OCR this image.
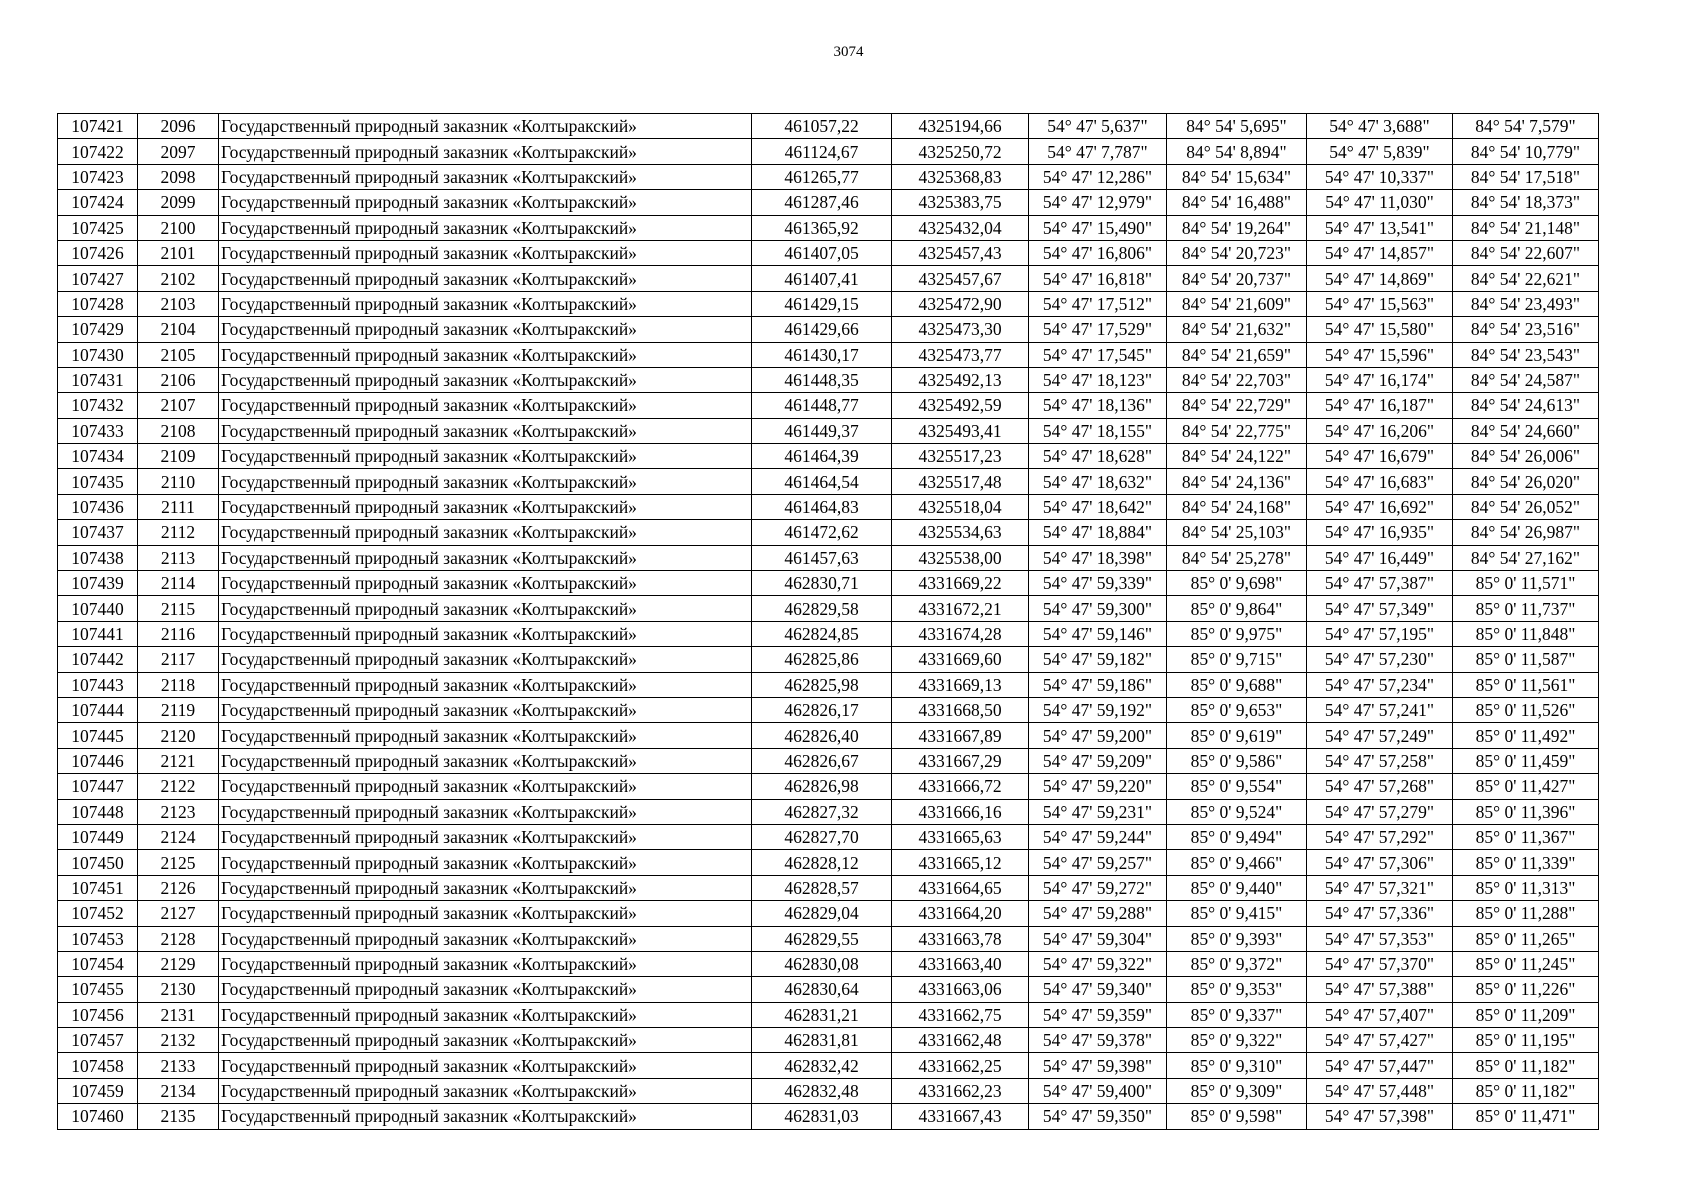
3074
107421	2096	Государственный природный заказник «Колтыракский»	461057,22	4325194,66	54° 47' 5,637"	84° 54' 5,695"	54° 47' 3,688"	84° 54' 7,579"
107422	2097	Государственный природный заказник «Колтыракский»	461124,67	4325250,72	54° 47' 7,787"	84° 54' 8,894"	54° 47' 5,839"	84° 54' 10,779"
107423	2098	Государственный природный заказник «Колтыракский»	461265,77	4325368,83	54° 47' 12,286"	84° 54' 15,634"	54° 47' 10,337"	84° 54' 17,518"
107424	2099	Государственный природный заказник «Колтыракский»	461287,46	4325383,75	54° 47' 12,979"	84° 54' 16,488"	54° 47' 11,030"	84° 54' 18,373"
107425	2100	Государственный природный заказник «Колтыракский»	461365,92	4325432,04	54° 47' 15,490"	84° 54' 19,264"	54° 47' 13,541"	84° 54' 21,148"
107426	2101	Государственный природный заказник «Колтыракский»	461407,05	4325457,43	54° 47' 16,806"	84° 54' 20,723"	54° 47' 14,857"	84° 54' 22,607"
107427	2102	Государственный природный заказник «Колтыракский»	461407,41	4325457,67	54° 47' 16,818"	84° 54' 20,737"	54° 47' 14,869"	84° 54' 22,621"
107428	2103	Государственный природный заказник «Колтыракский»	461429,15	4325472,90	54° 47' 17,512"	84° 54' 21,609"	54° 47' 15,563"	84° 54' 23,493"
107429	2104	Государственный природный заказник «Колтыракский»	461429,66	4325473,30	54° 47' 17,529"	84° 54' 21,632"	54° 47' 15,580"	84° 54' 23,516"
107430	2105	Государственный природный заказник «Колтыракский»	461430,17	4325473,77	54° 47' 17,545"	84° 54' 21,659"	54° 47' 15,596"	84° 54' 23,543"
107431	2106	Государственный природный заказник «Колтыракский»	461448,35	4325492,13	54° 47' 18,123"	84° 54' 22,703"	54° 47' 16,174"	84° 54' 24,587"
107432	2107	Государственный природный заказник «Колтыракский»	461448,77	4325492,59	54° 47' 18,136"	84° 54' 22,729"	54° 47' 16,187"	84° 54' 24,613"
107433	2108	Государственный природный заказник «Колтыракский»	461449,37	4325493,41	54° 47' 18,155"	84° 54' 22,775"	54° 47' 16,206"	84° 54' 24,660"
107434	2109	Государственный природный заказник «Колтыракский»	461464,39	4325517,23	54° 47' 18,628"	84° 54' 24,122"	54° 47' 16,679"	84° 54' 26,006"
107435	2110	Государственный природный заказник «Колтыракский»	461464,54	4325517,48	54° 47' 18,632"	84° 54' 24,136"	54° 47' 16,683"	84° 54' 26,020"
107436	2111	Государственный природный заказник «Колтыракский»	461464,83	4325518,04	54° 47' 18,642"	84° 54' 24,168"	54° 47' 16,692"	84° 54' 26,052"
107437	2112	Государственный природный заказник «Колтыракский»	461472,62	4325534,63	54° 47' 18,884"	84° 54' 25,103"	54° 47' 16,935"	84° 54' 26,987"
107438	2113	Государственный природный заказник «Колтыракский»	461457,63	4325538,00	54° 47' 18,398"	84° 54' 25,278"	54° 47' 16,449"	84° 54' 27,162"
107439	2114	Государственный природный заказник «Колтыракский»	462830,71	4331669,22	54° 47' 59,339"	85° 0' 9,698"	54° 47' 57,387"	85° 0' 11,571"
107440	2115	Государственный природный заказник «Колтыракский»	462829,58	4331672,21	54° 47' 59,300"	85° 0' 9,864"	54° 47' 57,349"	85° 0' 11,737"
107441	2116	Государственный природный заказник «Колтыракский»	462824,85	4331674,28	54° 47' 59,146"	85° 0' 9,975"	54° 47' 57,195"	85° 0' 11,848"
107442	2117	Государственный природный заказник «Колтыракский»	462825,86	4331669,60	54° 47' 59,182"	85° 0' 9,715"	54° 47' 57,230"	85° 0' 11,587"
107443	2118	Государственный природный заказник «Колтыракский»	462825,98	4331669,13	54° 47' 59,186"	85° 0' 9,688"	54° 47' 57,234"	85° 0' 11,561"
107444	2119	Государственный природный заказник «Колтыракский»	462826,17	4331668,50	54° 47' 59,192"	85° 0' 9,653"	54° 47' 57,241"	85° 0' 11,526"
107445	2120	Государственный природный заказник «Колтыракский»	462826,40	4331667,89	54° 47' 59,200"	85° 0' 9,619"	54° 47' 57,249"	85° 0' 11,492"
107446	2121	Государственный природный заказник «Колтыракский»	462826,67	4331667,29	54° 47' 59,209"	85° 0' 9,586"	54° 47' 57,258"	85° 0' 11,459"
107447	2122	Государственный природный заказник «Колтыракский»	462826,98	4331666,72	54° 47' 59,220"	85° 0' 9,554"	54° 47' 57,268"	85° 0' 11,427"
107448	2123	Государственный природный заказник «Колтыракский»	462827,32	4331666,16	54° 47' 59,231"	85° 0' 9,524"	54° 47' 57,279"	85° 0' 11,396"
107449	2124	Государственный природный заказник «Колтыракский»	462827,70	4331665,63	54° 47' 59,244"	85° 0' 9,494"	54° 47' 57,292"	85° 0' 11,367"
107450	2125	Государственный природный заказник «Колтыракский»	462828,12	4331665,12	54° 47' 59,257"	85° 0' 9,466"	54° 47' 57,306"	85° 0' 11,339"
107451	2126	Государственный природный заказник «Колтыракский»	462828,57	4331664,65	54° 47' 59,272"	85° 0' 9,440"	54° 47' 57,321"	85° 0' 11,313"
107452	2127	Государственный природный заказник «Колтыракский»	462829,04	4331664,20	54° 47' 59,288"	85° 0' 9,415"	54° 47' 57,336"	85° 0' 11,288"
107453	2128	Государственный природный заказник «Колтыракский»	462829,55	4331663,78	54° 47' 59,304"	85° 0' 9,393"	54° 47' 57,353"	85° 0' 11,265"
107454	2129	Государственный природный заказник «Колтыракский»	462830,08	4331663,40	54° 47' 59,322"	85° 0' 9,372"	54° 47' 57,370"	85° 0' 11,245"
107455	2130	Государственный природный заказник «Колтыракский»	462830,64	4331663,06	54° 47' 59,340"	85° 0' 9,353"	54° 47' 57,388"	85° 0' 11,226"
107456	2131	Государственный природный заказник «Колтыракский»	462831,21	4331662,75	54° 47' 59,359"	85° 0' 9,337"	54° 47' 57,407"	85° 0' 11,209"
107457	2132	Государственный природный заказник «Колтыракский»	462831,81	4331662,48	54° 47' 59,378"	85° 0' 9,322"	54° 47' 57,427"	85° 0' 11,195"
107458	2133	Государственный природный заказник «Колтыракский»	462832,42	4331662,25	54° 47' 59,398"	85° 0' 9,310"	54° 47' 57,447"	85° 0' 11,182"
107459	2134	Государственный природный заказник «Колтыракский»	462832,48	4331662,23	54° 47' 59,400"	85° 0' 9,309"	54° 47' 57,448"	85° 0' 11,182"
107460	2135	Государственный природный заказник «Колтыракский»	462831,03	4331667,43	54° 47' 59,350"	85° 0' 9,598"	54° 47' 57,398"	85° 0' 11,471"
